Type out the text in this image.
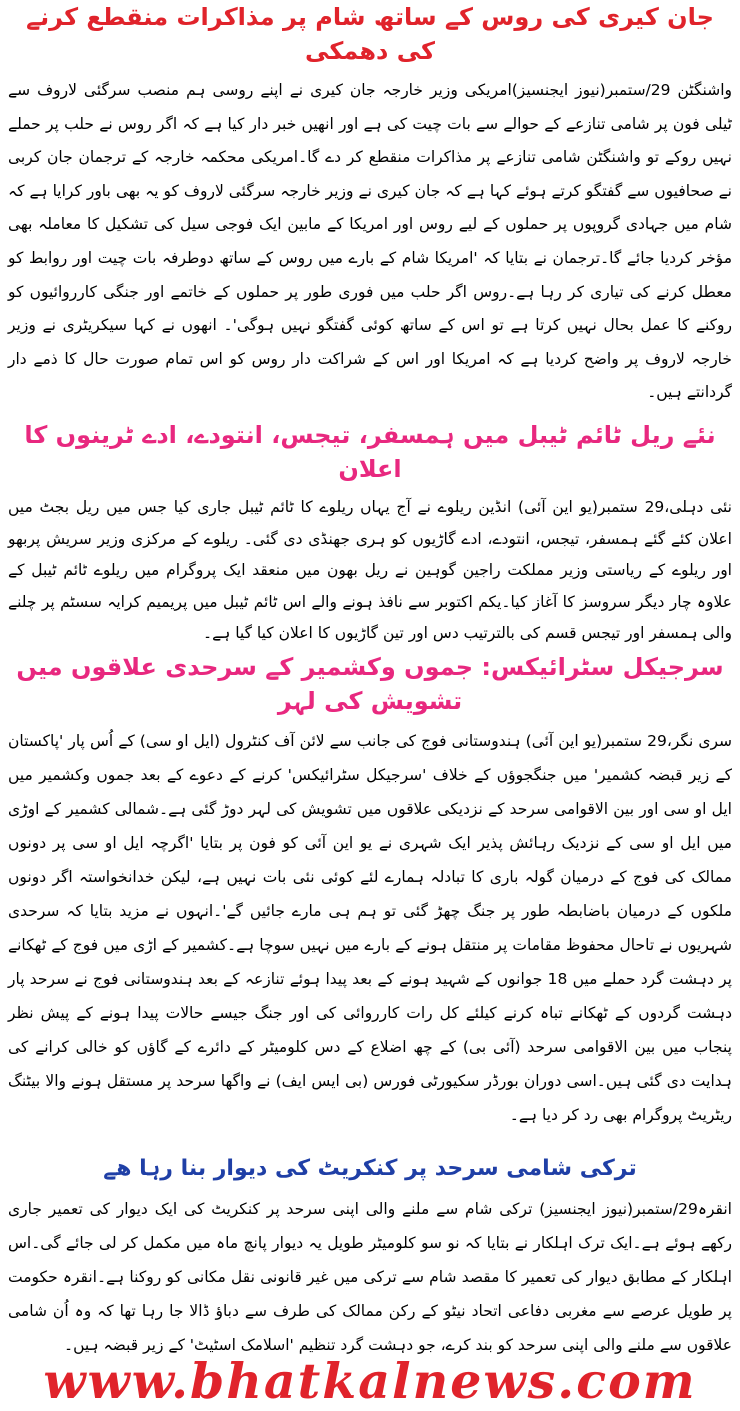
جان کیری کی روس کے ساتھ شام پر مذاکرات منقطع کرنے کی دھمکی

واشنگٹن 29/ستمبر(نیوز ایجنسیز)امریکی وزیر خارجہ جان کیری نے اپنے روسی ہم منصب سرگئی لاروف سے ٹیلی فون پر شامی تنازعے کے حوالے سے بات چیت کی ہے اور انھیں خبر دار کیا ہے کہ اگر روس نے حلب پر حملے نہیں روکے تو واشنگٹن شامی تنازعے پر مذاکرات منقطع کر دے گا۔امریکی محکمہ خارجہ کے ترجمان جان کربی نے صحافیوں سے گفتگو کرتے ہوئے کہا ہے کہ جان کیری نے وزیر خارجہ سرگئی لاروف کو یہ بھی باور کرایا ہے کہ شام میں جہادی گروپوں پر حملوں کے لیے روس اور امریکا کے مابین ایک فوجی سیل کی تشکیل کا معاملہ بھی مؤخر کردیا جائے گا۔ترجمان نے بتایا کہ 'امریکا شام کے بارے میں روس کے ساتھ دوطرفہ بات چیت اور روابط کو معطل کرنے کی تیاری کر رہا ہے۔روس اگر حلب میں فوری طور پر حملوں کے خاتمے اور جنگی کارروائیوں کو روکنے کا عمل بحال نہیں کرتا ہے تو اس کے ساتھ کوئی گفتگو نہیں ہوگی'۔ انھوں نے کہا سیکریٹری نے وزیر خارجہ لاروف پر واضح کردیا ہے کہ امریکا اور اس کے شراکت دار روس کو اس تمام صورت حال کا ذمے دار گردانتے ہیں۔

نئے ریل ٹائم ٹیبل میں ہمسفر، تیجس، انتودے، ادے ٹرینوں کا اعلان

نئی دہلی،29 ستمبر(یو این آئی) انڈین ریلوے نے آج یہاں ریلوے کا ٹائم ٹیبل جاری کیا جس میں ریل بجٹ میں اعلان کئے گئے ہمسفر، تیجس، انتودے، ادے گاڑیوں کو ہری جھنڈی دی گئی۔ ریلوے کے مرکزی وزیر سریش پربھو اور ریلوے کے ریاستی وزیر مملکت راجین گوہین نے ریل بھون میں منعقد ایک پروگرام میں ریلوے ٹائم ٹیبل کے علاوہ چار دیگر سروسز کا آغاز کیا۔یکم اکتوبر سے نافذ ہونے والے اس ٹائم ٹیبل میں پریمیم کرایہ سسٹم پر چلنے والی ہمسفر اور تیجس قسم کی بالترتیب دس اور تین گاڑیوں کا اعلان کیا گیا ہے۔

سرجیکل سٹرائیکس: جموں وکشمیر کے سرحدی علاقوں میں تشویش کی لہر

سری نگر،29 ستمبر(یو این آئی) ہندوستانی فوج کی جانب سے لائن آف کنٹرول (ایل او سی) کے اُس پار 'پاکستان کے زیر قبضہ کشمیر' میں جنگجوؤں کے خلاف 'سرجیکل سٹرائیکس' کرنے کے دعوے کے بعد جموں وکشمیر میں ایل او سی اور بین الاقوامی سرحد کے نزدیکی علاقوں میں تشویش کی لہر دوڑ گئی ہے۔شمالی کشمیر کے اوڑی میں ایل او سی کے نزدیک رہائش پذیر ایک شہری نے یو این آئی کو فون پر بتایا 'اگرچہ ایل او سی پر دونوں ممالک کی فوج کے درمیان گولہ باری کا تبادلہ ہمارے لئے کوئی نئی بات نہیں ہے، لیکن خدانخواستہ اگر دونوں ملکوں کے درمیان باضابطہ طور پر جنگ چھڑ گئی تو ہم ہی مارے جائیں گے'۔انہوں نے مزید بتایا کہ سرحدی شہریوں نے تاحال محفوظ مقامات پر منتقل ہونے کے بارے میں نہیں سوچا ہے۔کشمیر کے اڑی میں فوج کے ٹھکانے پر دہشت گرد حملے میں 18 جوانوں کے شہید ہونے کے بعد پیدا ہوئے تنازعہ کے بعد ہندوستانی فوج نے سرحد پار دہشت گردوں کے ٹھکانے تباہ کرنے کیلئے کل رات کارروائی کی اور جنگ جیسے حالات پیدا ہونے کے پیش نظر پنجاب میں بین الاقوامی سرحد (آئی بی) کے چھ اضلاع کے دس کلومیٹر کے دائرے کے گاؤں کو خالی کرانے کی ہدایت دی گئی ہیں۔اسی دوران بورڈر سکیورٹی فورس (بی ایس ایف) نے واگھا سرحد پر مستقل ہونے والا بیٹنگ ریٹریٹ پروگرام بھی رد کر دیا ہے۔

ترکی شامی سرحد پر کنکریٹ کی دیوار بنا رہا ھے

انقرہ29/ستمبر(نیوز ایجنسیز) ترکی شام سے ملنے والی اپنی سرحد پر کنکریٹ کی ایک دیوار کی تعمیر جاری رکھے ہوئے ہے۔ایک ترک اہلکار نے بتایا کہ نو سو کلومیٹر طویل یہ دیوار پانچ ماہ میں مکمل کر لی جائے گی۔اس اہلکار کے مطابق دیوار کی تعمیر کا مقصد شام سے ترکی میں غیر قانونی نقل مکانی کو روکنا ہے۔انقرہ حکومت پر طویل عرصے سے مغربی دفاعی اتحاد نیٹو کے رکن ممالک کی طرف سے دباؤ ڈالا جا رہا تھا کہ وہ اُن شامی علاقوں سے ملنے والی اپنی سرحد کو بند کرے، جو دہشت گرد تنظیم 'اسلامک اسٹیٹ' کے زیر قبضہ ہیں۔

www.bhatkalnews.com
